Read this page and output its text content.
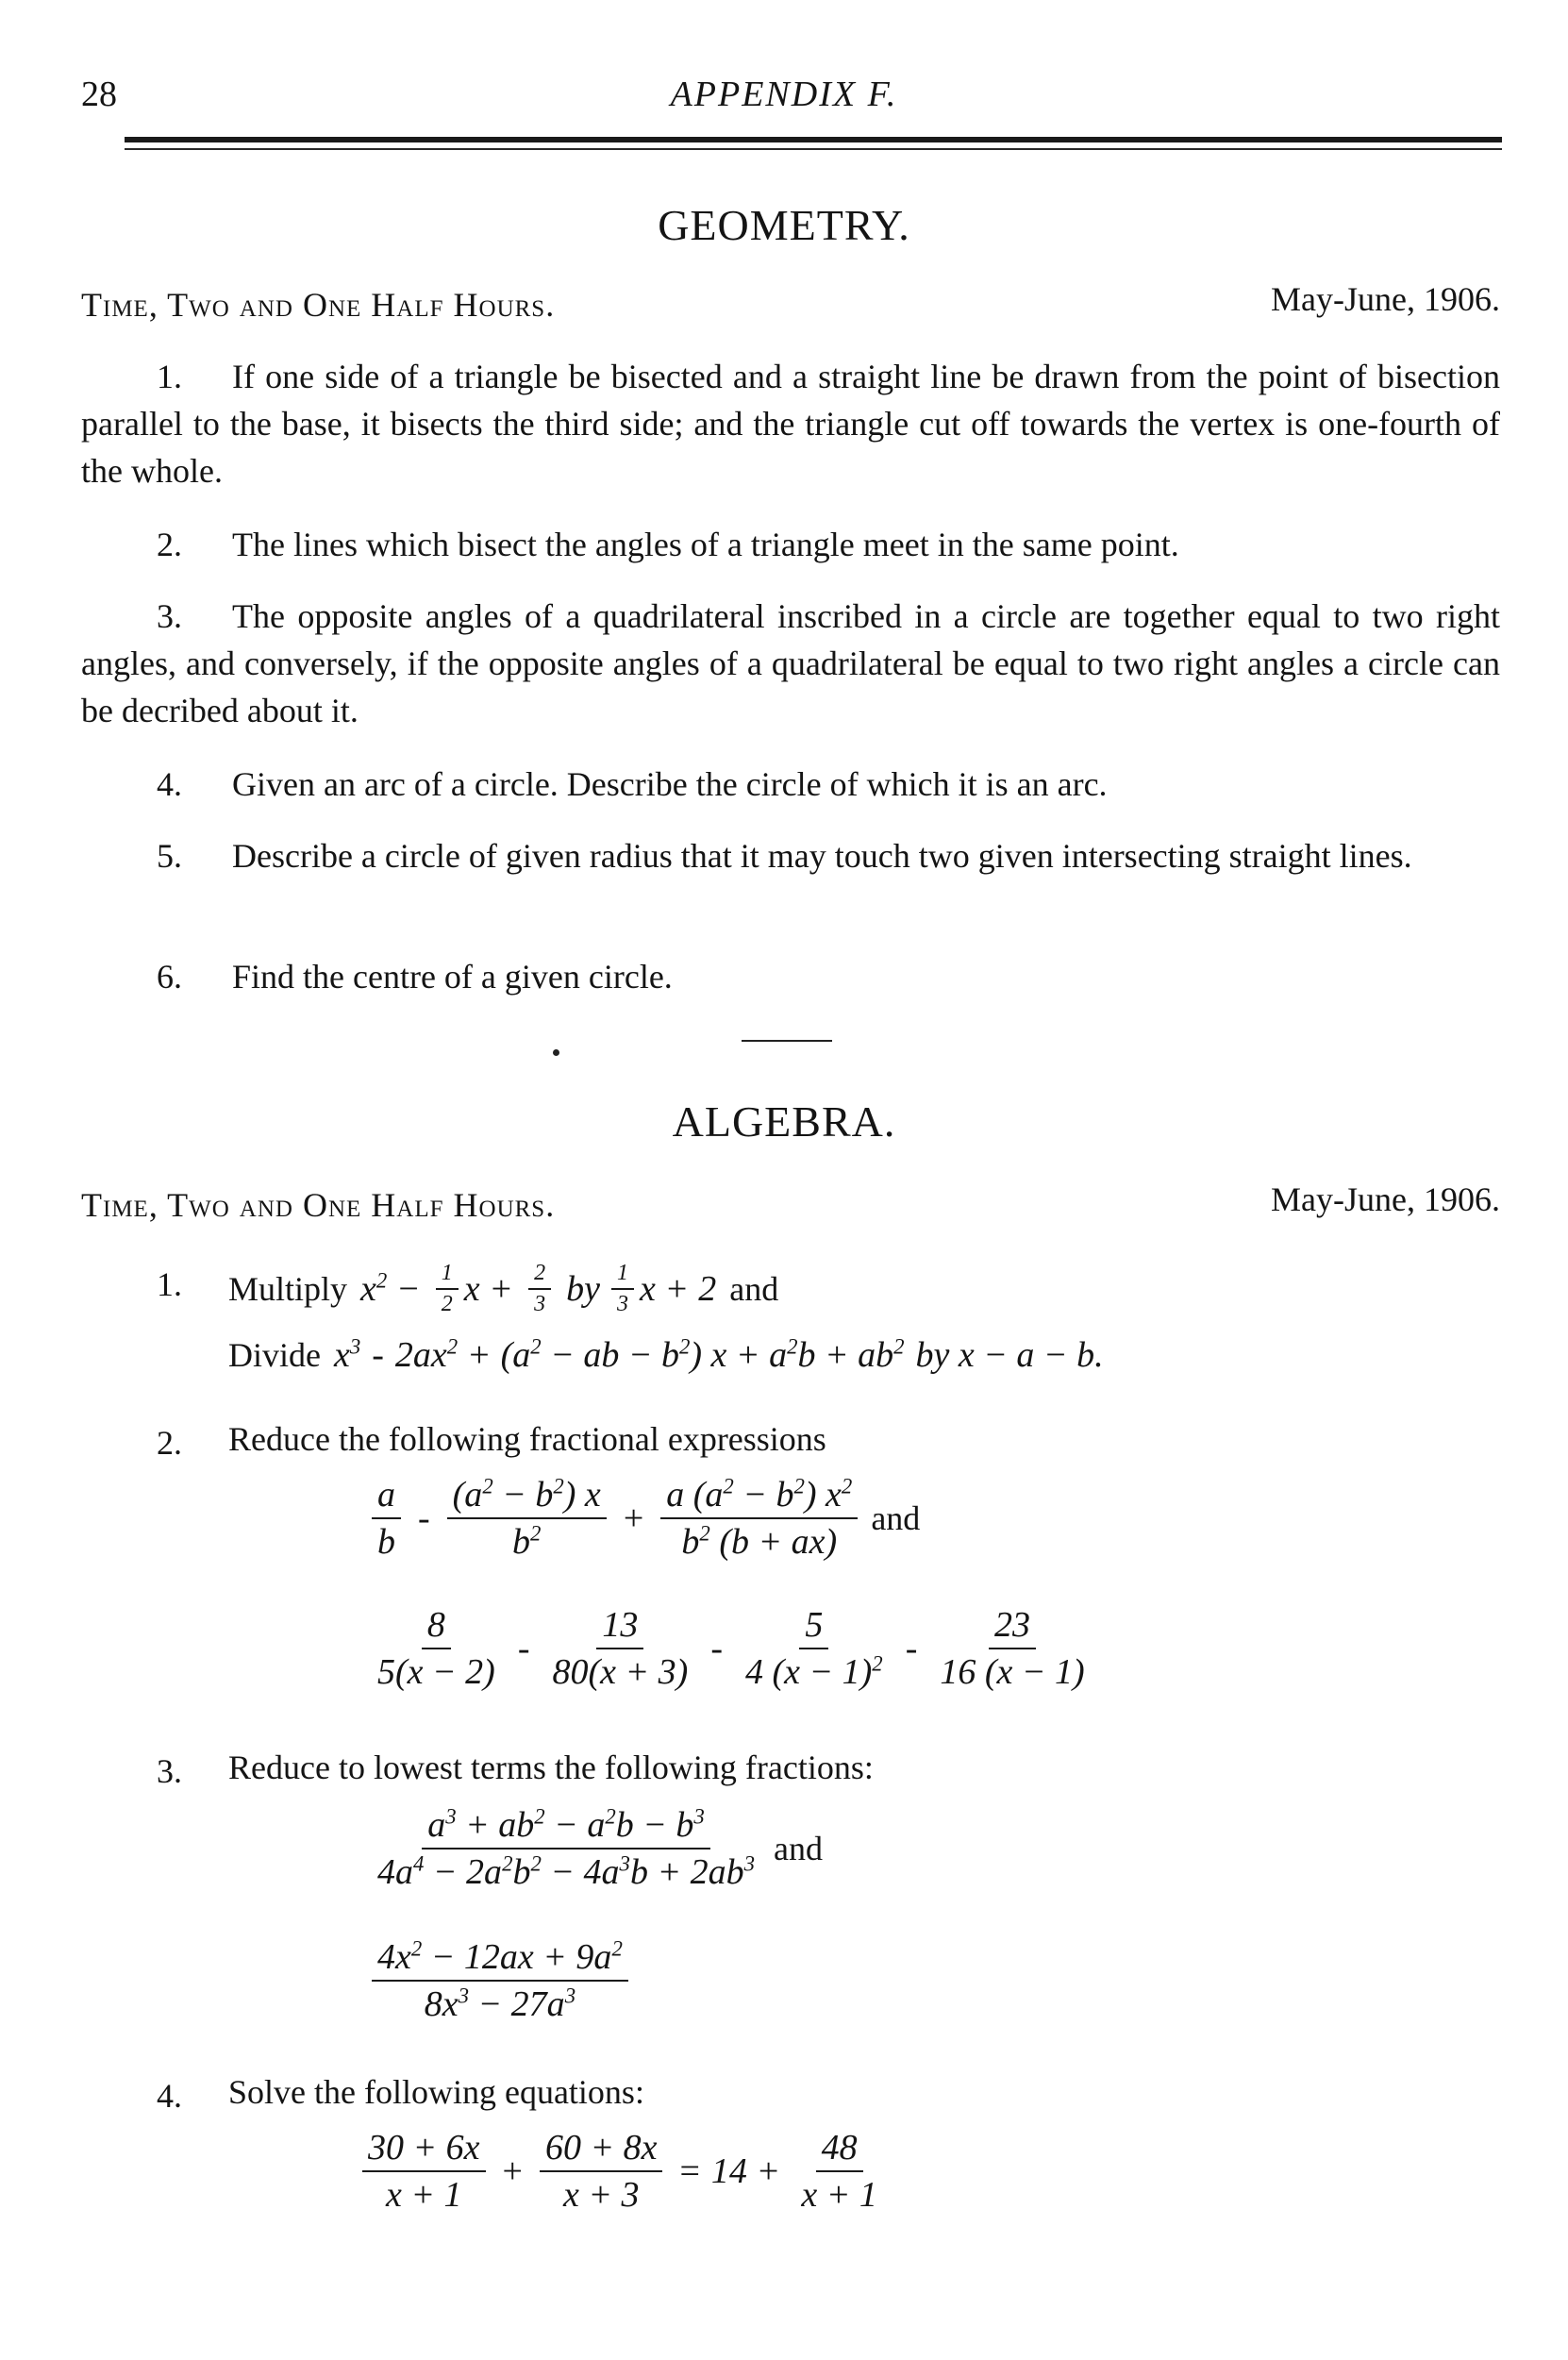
28	APPENDIX F.
GEOMETRY.
Time, Two and One Half Hours.	May-June, 1906.
1. If one side of a triangle be bisected and a straight line be drawn from the point of bisection parallel to the base, it bisects the third side; and the triangle cut off towards the vertex is one-fourth of the whole.
2. The lines which bisect the angles of a triangle meet in the same point.
3. The opposite angles of a quadrilateral inscribed in a circle are together equal to two right angles, and conversely, if the opposite angles of a quadrilateral be equal to two right angles a circle can be decribed about it.
4. Given an arc of a circle. Describe the circle of which it is an arc.
5. Describe a circle of given radius that it may touch two given intersecting straight lines.
6. Find the centre of a given circle.
ALGEBRA.
Time, Two and One Half Hours.	May-June, 1906.
1. Multiply $x^2 - \frac{1}{2}$ $x + \frac{2}{3}$ by $\frac{1}{3}$ x + 2 and
Divide $x^3 - 2ax^2 + (a^2$ − ab − $b^2$) $x + a^2b + ab^2$ by x − a − b.
2. Reduce the following fractional expressions
$\frac{a}{b} - \frac{(a^2 - b^2) x}{b^2} + \frac{a (a^2 - b^2) x^2}{b^2 (b + ax)}$ and
$\frac{8}{5(x - 2)} - \frac{13}{80(x + 3)} - \frac{5}{4 (x - 1)^2} - \frac{23}{16 (x - 1)}$
3. Reduce to lowest terms the following fractions:
$\frac{a^3 + ab^2 - a^2b - b^3}{4a^4 - 2a^2b^2 - 4a^3b + 2ab^3}$ and
$\frac{4x^2 - 12ax + 9a^2}{8x^3 - 27a^3}$
4. Solve the following equations:
$\frac{30 + 6x}{x + 1} + \frac{60 + 8x}{x + 3} = 14 + \frac{48}{x + 1}$
